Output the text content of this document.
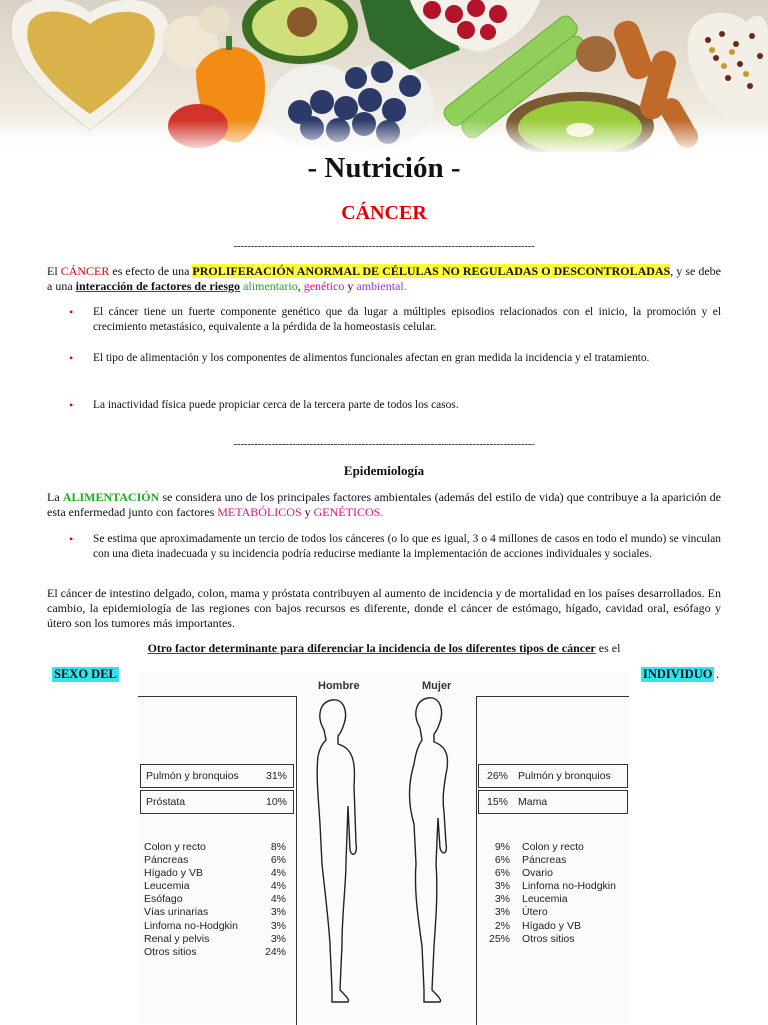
- Nutrición -
CÁNCER
---------------------------------------------------------------------------------------
El CÁNCER es efecto de una PROLIFERACIÓN ANORMAL DE CÉLULAS NO REGULADAS O DESCONTROLADAS, y se debe a una interacción de factores de riesgo alimentario, genético y ambiental.
• El cáncer tiene un fuerte componente genético que da lugar a múltiples episodios relacionados con el inicio, la promoción y el crecimiento metastásico, equivalente a la pérdida de la homeostasis celular.
• El tipo de alimentación y los componentes de alimentos funcionales afectan en gran medida la incidencia y el tratamiento.
• La inactividad física puede propiciar cerca de la tercera parte de todos los casos.
---------------------------------------------------------------------------------------
Epidemiología
La ALIMENTACIÓN se considera uno de los principales factores ambientales (además del estilo de vida) que contribuye a la aparición de esta enfermedad junto con factores METABÓLICOS y GENÉTICOS.
• Se estima que aproximadamente un tercio de todos los cánceres (o lo que es igual, 3 o 4 millones de casos en todo el mundo) se vinculan con una dieta inadecuada y su incidencia podría reducirse mediante la implementación de acciones individuales y sociales.
El cáncer de intestino delgado, colon, mama y próstata contribuyen al aumento de incidencia y de mortalidad en los países desarrollados. En cambio, la epidemiología de las regiones con bajos recursos es diferente, donde el cáncer de estómago, hígado, cavidad oral, esófago y útero son los tumores más importantes.
Otro factor determinante para diferenciar la incidencia de los diferentes tipos de cáncer es el
SEXO DEL	INDIVIDUO .
Hombre	Mujer
Pulmón y bronquios	31%
Próstata	10%
Colon y recto	8%
Páncreas	6%
Hígado y VB	4%
Leucemia	4%
Esófago	4%
Vías urinarias	3%
Linfoma no-Hodgkin	3%
Renal y pelvis	3%
Otros sitios	24%
26% Pulmón y bronquios
15% Mama
9% Colon y recto
6% Páncreas
6% Ovario
3% Linfoma no-Hodgkin
3% Leucemia
3% Útero
2% Hígado y VB
25% Otros sitios
